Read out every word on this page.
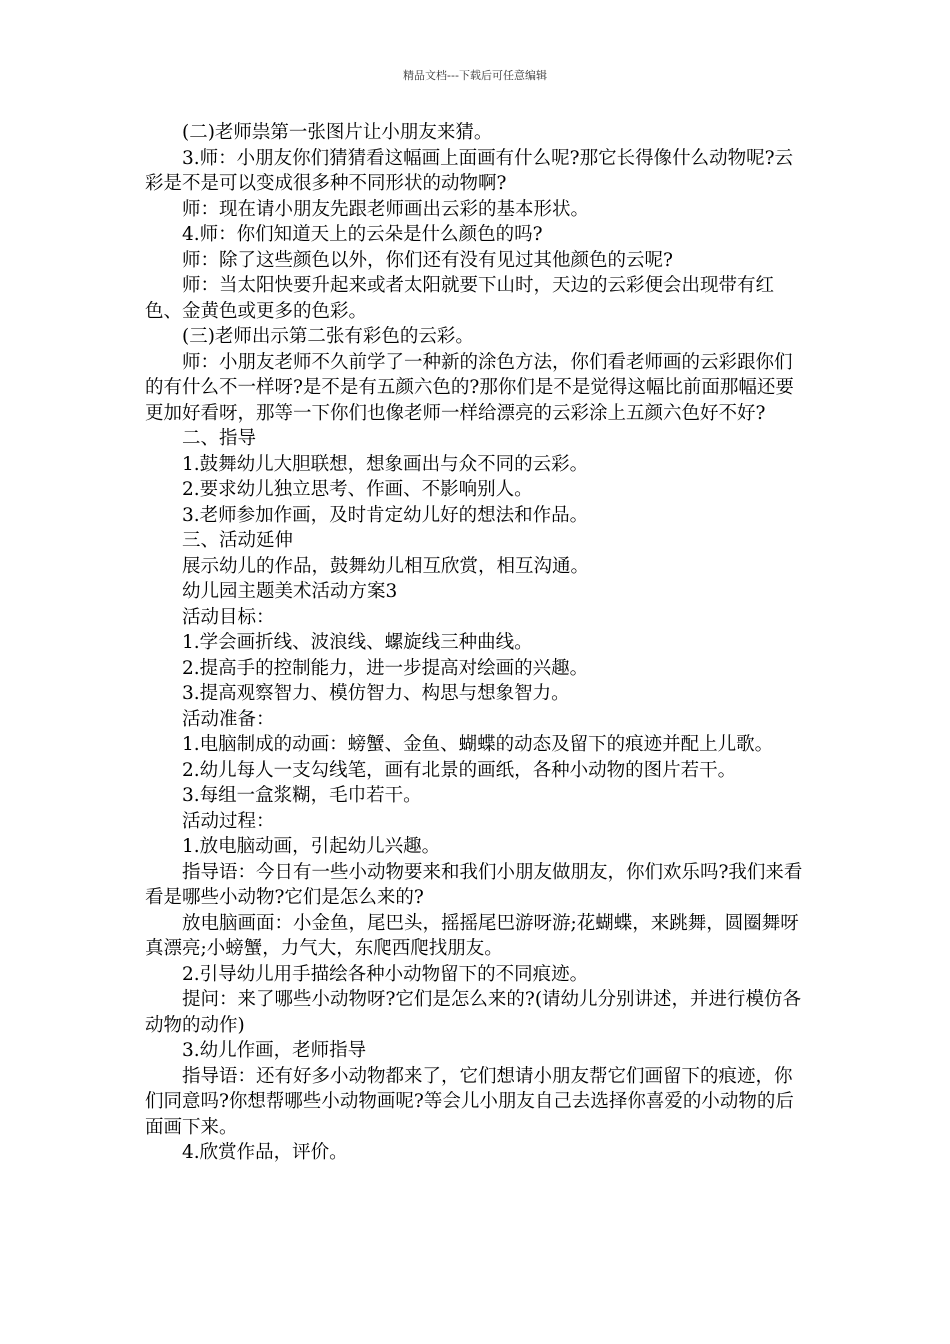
精品文档---下载后可任意编辑

(二)老师祟第一张图片让小朋友来猜。

3.师：小朋友你们猜猜看这幅画上面画有什么呢?那它长得像什么动物呢?云彩是不是可以变成很多种不同形状的动物啊?

师：现在请小朋友先跟老师画出云彩的基本形状。

4.师：你们知道天上的云朵是什么颜色的吗?

师：除了这些颜色以外，你们还有没有见过其他颜色的云呢?

师：当太阳快要升起来或者太阳就要下山时，天边的云彩便会出现带有红色、金黄色或更多的色彩。

(三)老师出示第二张有彩色的云彩。

师：小朋友老师不久前学了一种新的涂色方法，你们看老师画的云彩跟你们的有什么不一样呀?是不是有五颜六色的?那你们是不是觉得这幅比前面那幅还要更加好看呀，那等一下你们也像老师一样给漂亮的云彩涂上五颜六色好不好?

二、指导

1.鼓舞幼儿大胆联想，想象画出与众不同的云彩。

2.要求幼儿独立思考、作画、不影响别人。

3.老师参加作画，及时肯定幼儿好的想法和作品。

三、活动延伸

展示幼儿的作品，鼓舞幼儿相互欣赏，相互沟通。

幼儿园主题美术活动方案3

活动目标：

1.学会画折线、波浪线、螺旋线三种曲线。

2.提高手的控制能力，进一步提高对绘画的兴趣。

3.提高观察智力、模仿智力、构思与想象智力。

活动准备：

1.电脑制成的动画：螃蟹、金鱼、蝴蝶的动态及留下的痕迹并配上儿歌。

2.幼儿每人一支勾线笔，画有北景的画纸，各种小动物的图片若干。

3.每组一盒浆糊，毛巾若干。

活动过程：

1.放电脑动画，引起幼儿兴趣。

指导语：今日有一些小动物要来和我们小朋友做朋友，你们欢乐吗?我们来看看是哪些小动物?它们是怎么来的?

放电脑画面：小金鱼，尾巴头，摇摇尾巴游呀游;花蝴蝶，来跳舞，圆圈舞呀真漂亮;小螃蟹，力气大，东爬西爬找朋友。

2.引导幼儿用手描绘各种小动物留下的不同痕迹。

提问：来了哪些小动物呀?它们是怎么来的?(请幼儿分别讲述，并进行模仿各动物的动作)

3.幼儿作画，老师指导

指导语：还有好多小动物都来了，它们想请小朋友帮它们画留下的痕迹，你们同意吗?你想帮哪些小动物画呢?等会儿小朋友自己去选择你喜爱的小动物的后面画下来。

4.欣赏作品，评价。
